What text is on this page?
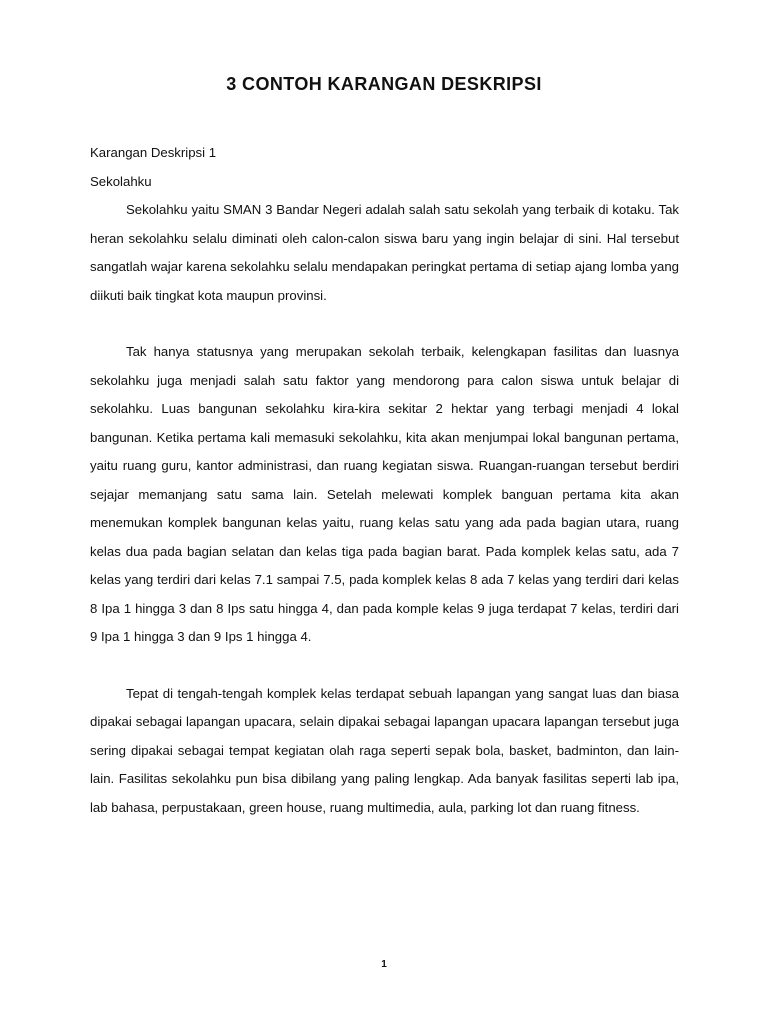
3 CONTOH KARANGAN DESKRIPSI

Karangan Deskripsi 1

Sekolahku

Sekolahku yaitu SMAN 3 Bandar Negeri adalah salah satu sekolah yang terbaik di kotaku. Tak heran sekolahku selalu diminati oleh calon-calon siswa baru yang ingin belajar di sini. Hal tersebut sangatlah wajar karena sekolahku selalu mendapakan peringkat pertama di setiap ajang lomba yang diikuti baik tingkat kota maupun provinsi.

Tak hanya statusnya yang merupakan sekolah terbaik, kelengkapan fasilitas dan luasnya sekolahku juga menjadi salah satu faktor yang mendorong para calon siswa untuk belajar di sekolahku. Luas bangunan sekolahku kira-kira sekitar 2 hektar yang terbagi menjadi 4 lokal bangunan. Ketika pertama kali memasuki sekolahku, kita akan menjumpai lokal bangunan pertama, yaitu ruang guru, kantor administrasi, dan ruang kegiatan siswa. Ruangan-ruangan tersebut berdiri sejajar memanjang satu sama lain. Setelah melewati komplek banguan pertama kita akan menemukan komplek bangunan kelas yaitu, ruang kelas satu yang ada pada bagian utara, ruang kelas dua pada bagian selatan dan kelas tiga pada bagian barat. Pada komplek kelas satu, ada 7 kelas yang terdiri dari kelas 7.1 sampai 7.5, pada komplek kelas 8 ada 7 kelas yang terdiri dari kelas 8 Ipa 1 hingga 3 dan 8 Ips satu hingga 4, dan pada komple kelas 9 juga terdapat 7 kelas, terdiri dari 9 Ipa 1 hingga 3 dan 9 Ips 1 hingga 4.

Tepat di tengah-tengah komplek kelas terdapat sebuah lapangan yang sangat luas dan biasa dipakai sebagai lapangan upacara, selain dipakai sebagai lapangan upacara lapangan tersebut juga sering dipakai sebagai tempat kegiatan olah raga seperti sepak bola, basket, badminton, dan lain-lain. Fasilitas sekolahku pun bisa dibilang yang paling lengkap. Ada banyak fasilitas seperti lab ipa, lab bahasa, perpustakaan, green house, ruang multimedia, aula, parking lot dan ruang fitness.

1
